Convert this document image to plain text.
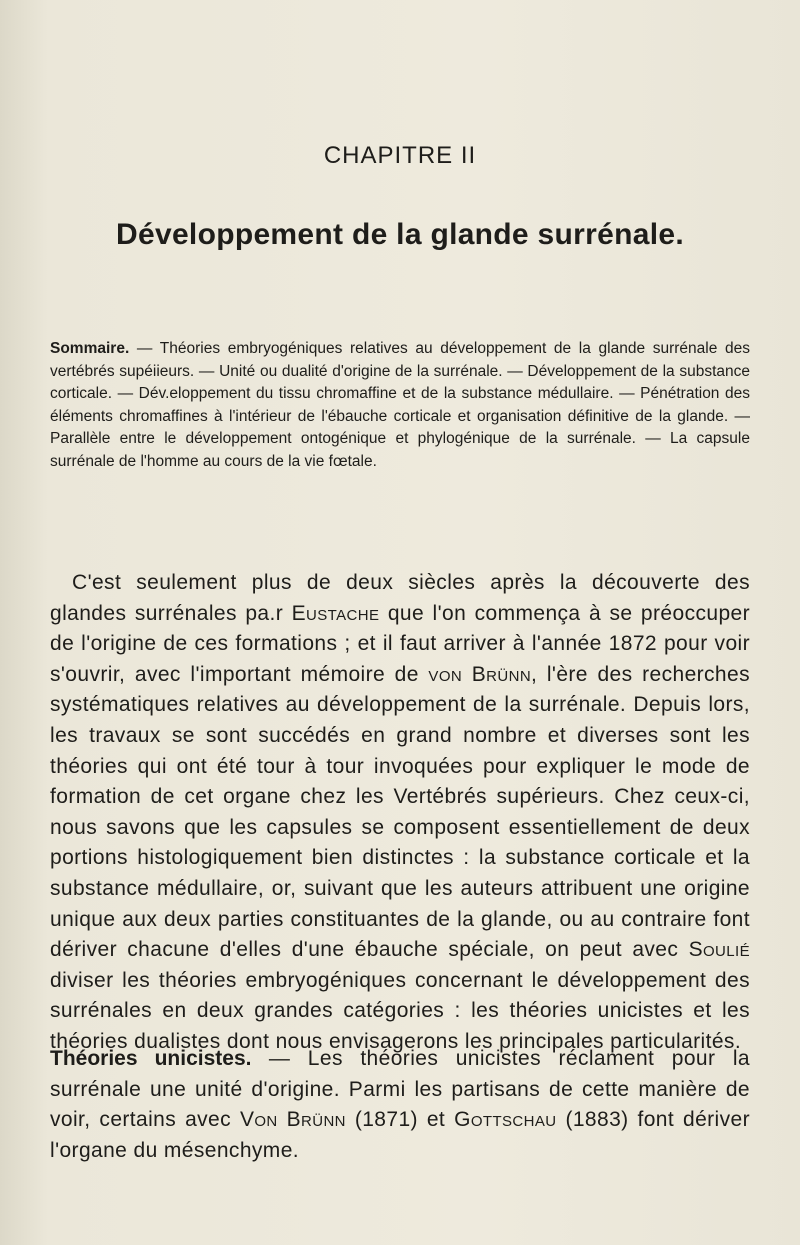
CHAPITRE II
Développement de la glande surrénale.
Sommaire. — Théories embryogéniques relatives au développement de la glande surrénale des vertébrés supéiieurs. — Unité ou dualité d'origine de la surrénale. — Développement de la substance corticale. — Dév.eloppement du tissu chromaffine et de la substance médullaire. — Pénétration des éléments chromaffines à l'intérieur de l'ébauche corticale et organisation définitive de la glande. — Parallèle entre le développement ontogénique et phylogénique de la surrénale. — La capsule surrénale de l'homme au cours de la vie fœtale.

C'est seulement plus de deux siècles après la découverte des glandes surrénales pa.r Eustache que l'on commença à se préoccuper de l'origine de ces formations ; et il faut arriver à l'année 1872 pour voir s'ouvrir, avec l'important mémoire de von Brünn, l'ère des recherches systématiques relatives au développement de la surrénale. Depuis lors, les travaux se sont succédés en grand nombre et diverses sont les théories qui ont été tour à tour invoquées pour expliquer le mode de formation de cet organe chez les Vertébrés supérieurs. Chez ceux-ci, nous savons que les capsules se composent essentiellement de deux portions histologiquement bien distinctes : la substance corticale et la substance médullaire, or, suivant que les auteurs attribuent une origine unique aux deux parties constituantes de la glande, ou au contraire font dériver chacune d'elles d'une ébauche spéciale, on peut avec Soulié diviser les théories embryogéniques concernant le développement des surrénales en deux grandes catégories : les théories unicistes et les théories dualistes dont nous envisagerons les principales particularités.

Théories unicistes. — Les théories unicistes réclament pour la surrénale une unité d'origine. Parmi les partisans de cette manière de voir, certains avec Von Brünn (1871) et Gottschau (1883) font dériver l'organe du mésenchyme.
